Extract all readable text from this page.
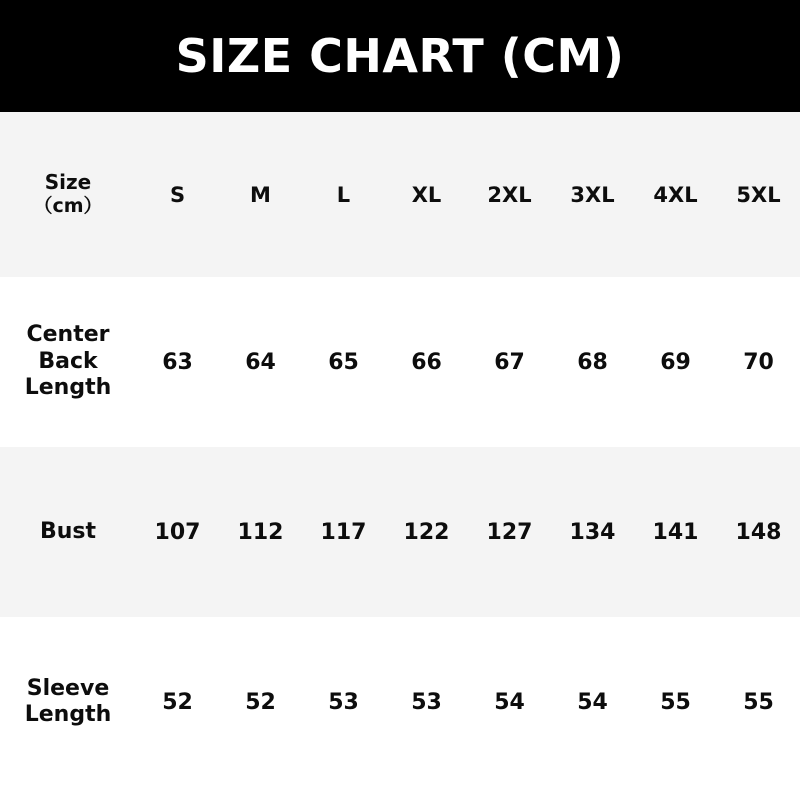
SIZE CHART (CM)
Size
（cm）	S	M	L	XL	2XL	3XL	4XL	5XL

Center
Back
Length	63	64	65	66	67	68	69	70

Bust	107	112	117	122	127	134	141	148

Sleeve
Length	52	52	53	53	54	54	55	55
